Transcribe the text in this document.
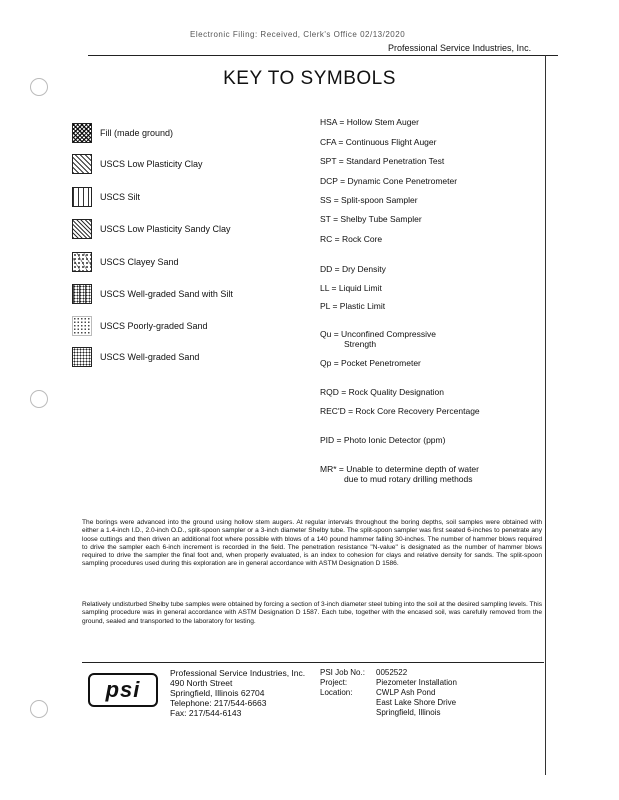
Electronic Filing: Received, Clerk's Office 02/13/2020
Professional Service Industries, Inc.
KEY TO SYMBOLS
Fill (made ground)
USCS Low Plasticity Clay
USCS Silt
USCS Low Plasticity Sandy Clay
USCS Clayey Sand
USCS Well-graded Sand with Silt
USCS Poorly-graded Sand
USCS Well-graded Sand
HSA = Hollow Stem Auger
CFA = Continuous Flight Auger
SPT = Standard Penetration Test
DCP = Dynamic Cone Penetrometer
SS = Split-spoon Sampler
ST = Shelby Tube Sampler
RC = Rock Core
DD = Dry Density
LL = Liquid Limit
PL = Plastic Limit
Qu = Unconfined Compressive
Strength
Qp = Pocket Penetrometer
RQD = Rock Quality Designation
REC'D = Rock Core Recovery Percentage
PID = Photo Ionic Detector (ppm)
MR* = Unable to determine depth of water
due to mud rotary drilling methods
The borings were advanced into the ground using hollow stem augers. At regular intervals throughout the boring depths, soil samples were obtained with either a 1.4-inch I.D., 2.0-inch O.D., split-spoon sampler or a 3-inch diameter Shelby tube. The split-spoon sampler was first seated 6-inches to penetrate any loose cuttings and then driven an additional foot where possible with blows of a 140 pound hammer falling 30-inches. The number of hammer blows required to drive the sampler each 6-inch increment is recorded in the field. The penetration resistance "N-value" is designated as the number of hammer blows required to drive the sampler the final foot and, when properly evaluated, is an index to cohesion for clays and relative density for sands. The split-spoon sampling procedures used during this exploration are in general accordance with ASTM Designation D 1586.
Relatively undisturbed Shelby tube samples were obtained by forcing a section of 3-inch diameter steel tubing into the soil at the desired sampling levels. This sampling procedure was in general accordance with ASTM Designation D 1587. Each tube, together with the encased soil, was carefully removed from the ground, sealed and transported to the laboratory for testing.
psi
Professional Service Industries, Inc.
490 North Street
Springfield, Illinois 62704
Telephone: 217/544-6663
Fax: 217/544-6143
PSI Job No.:	0052522
Project:	Piezometer Installation
Location:	CWLP Ash Pond
East Lake Shore Drive
Springfield, Illinois
